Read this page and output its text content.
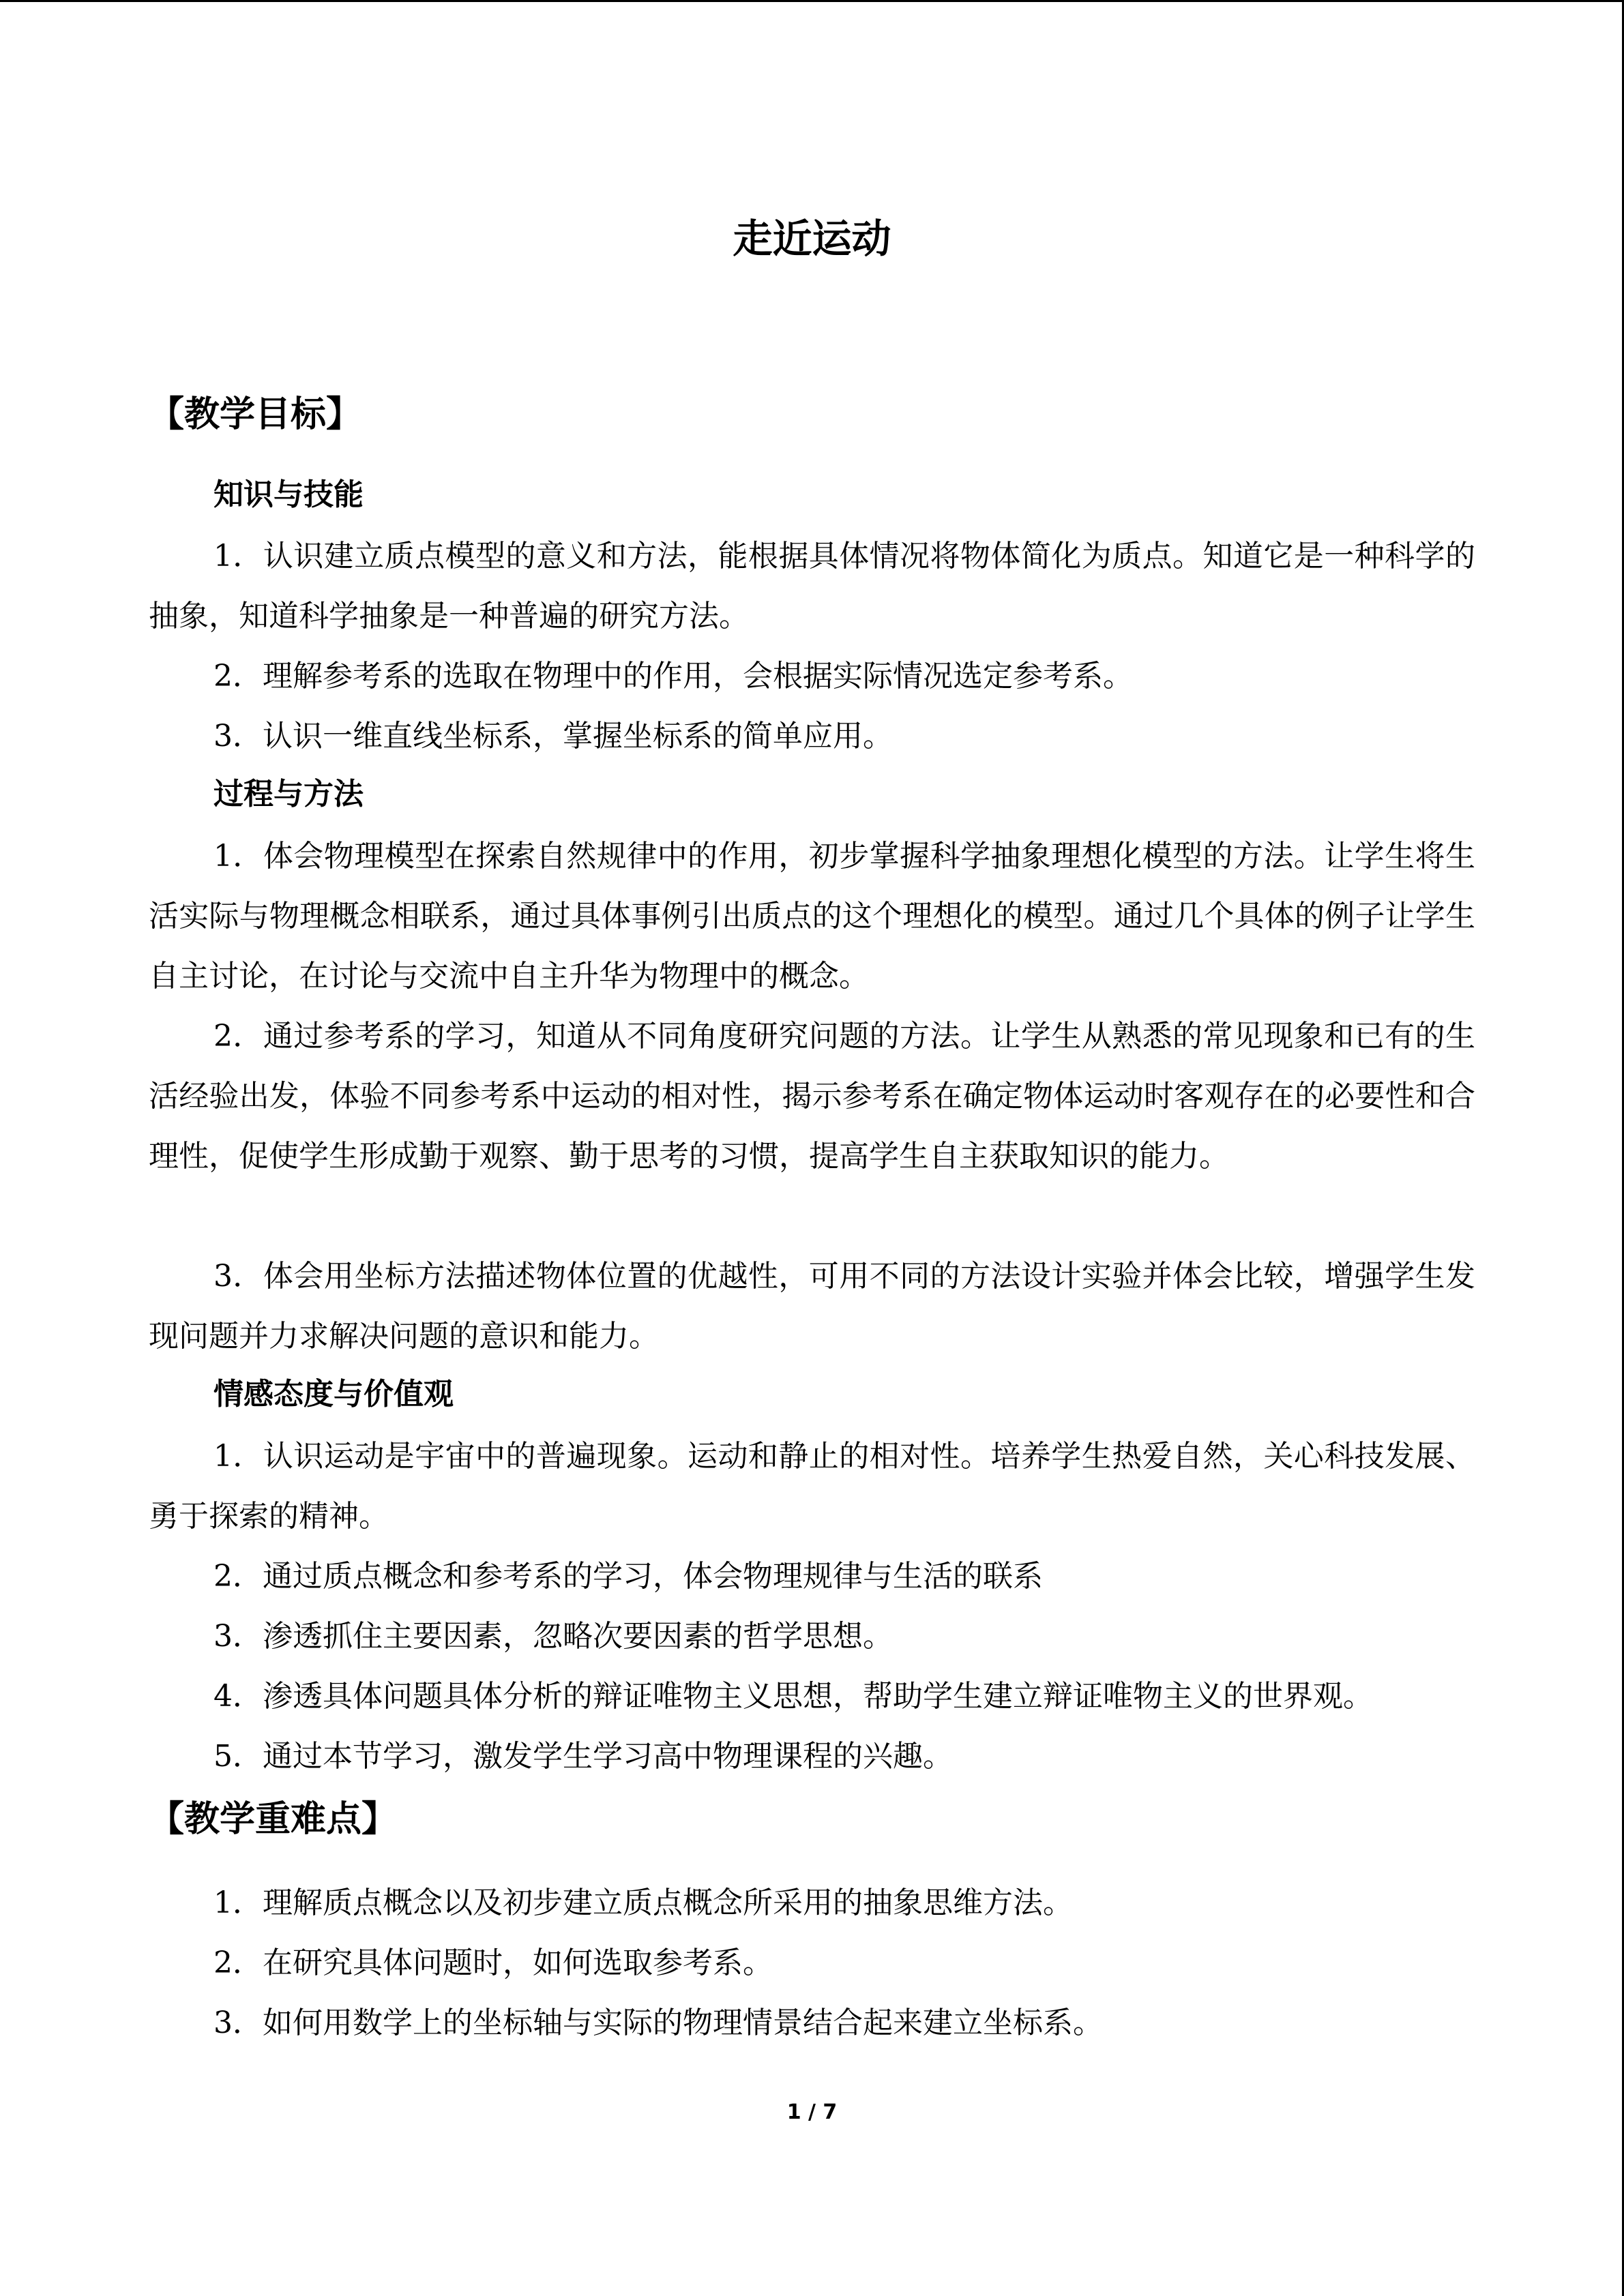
走近运动
【教学目标】
知识与技能

1．认识建立质点模型的意义和方法，能根据具体情况将物体简化为质点。知道它是一种科学的抽象，知道科学抽象是一种普遍的研究方法。

2．理解参考系的选取在物理中的作用，会根据实际情况选定参考系。

3．认识一维直线坐标系，掌握坐标系的简单应用。

过程与方法

1．体会物理模型在探索自然规律中的作用，初步掌握科学抽象理想化模型的方法。让学生将生活实际与物理概念相联系，通过具体事例引出质点的这个理想化的模型。通过几个具体的例子让学生自主讨论，在讨论与交流中自主升华为物理中的概念。

2．通过参考系的学习，知道从不同角度研究问题的方法。让学生从熟悉的常见现象和已有的生活经验出发，体验不同参考系中运动的相对性，揭示参考系在确定物体运动时客观存在的必要性和合理性，促使学生形成勤于观察、勤于思考的习惯，提高学生自主获取知识的能力。

3．体会用坐标方法描述物体位置的优越性，可用不同的方法设计实验并体会比较，增强学生发现问题并力求解决问题的意识和能力。

情感态度与价值观

1．认识运动是宇宙中的普遍现象。运动和静止的相对性。培养学生热爱自然，关心科技发展、勇于探索的精神。

2．通过质点概念和参考系的学习，体会物理规律与生活的联系

3．渗透抓住主要因素，忽略次要因素的哲学思想。

4．渗透具体问题具体分析的辩证唯物主义思想，帮助学生建立辩证唯物主义的世界观。

5．通过本节学习，激发学生学习高中物理课程的兴趣。

【教学重难点】

1．理解质点概念以及初步建立质点概念所采用的抽象思维方法。

2．在研究具体问题时，如何选取参考系。

3．如何用数学上的坐标轴与实际的物理情景结合起来建立坐标系。

1 / 7
